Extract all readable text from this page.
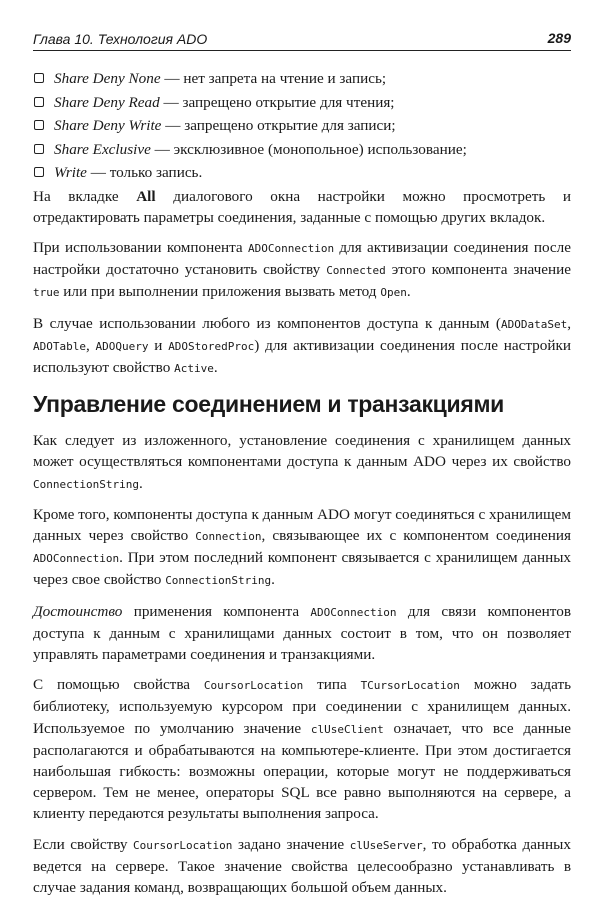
Глава 10. Технология ADO	289
Share Deny None — нет запрета на чтение и запись;
Share Deny Read — запрещено открытие для чтения;
Share Deny Write — запрещено открытие для записи;
Share Exclusive — эксклюзивное (монопольное) использование;
Write — только запись.

На вкладке All диалогового окна настройки можно просмотреть и отредактировать параметры соединения, заданные с помощью других вкладок.

При использовании компонента ADOConnection для активизации соединения после настройки достаточно установить свойству Connected этого компонента значение true или при выполнении приложения вызвать метод Open.

В случае использовании любого из компонентов доступа к данным (ADODataSet, ADOTable, ADOQuery и ADOStoredProc) для активизации соединения после настройки используют свойство Active.

Управление соединением и транзакциями

Как следует из изложенного, установление соединения с хранилищем данных может осуществляться компонентами доступа к данным ADO через их свойство ConnectionString.

Кроме того, компоненты доступа к данным ADO могут соединяться с хранилищем данных через свойство Connection, связывающее их с компонентом соединения ADOConnection. При этом последний компонент связывается с хранилищем данных через свое свойство ConnectionString.

Достоинство применения компонента ADOConnection для связи компонентов доступа к данным с хранилищами данных состоит в том, что он позволяет управлять параметрами соединения и транзакциями.

С помощью свойства CoursorLocation типа TCursorLocation можно задать библиотеку, используемую курсором при соединении с хранилищем данных. Используемое по умолчанию значение clUseClient означает, что все данные располагаются и обрабатываются на компьютере-клиенте. При этом достигается наибольшая гибкость: возможны операции, которые могут не поддерживаться сервером. Тем не менее, операторы SQL все равно выполняются на сервере, а клиенту передаются результаты выполнения запроса.

Если свойству CoursorLocation задано значение clUseServer, то обработка данных ведется на сервере. Такое значение свойства целесообразно устанавливать в случае задания команд, возвращающих большой объем данных.
